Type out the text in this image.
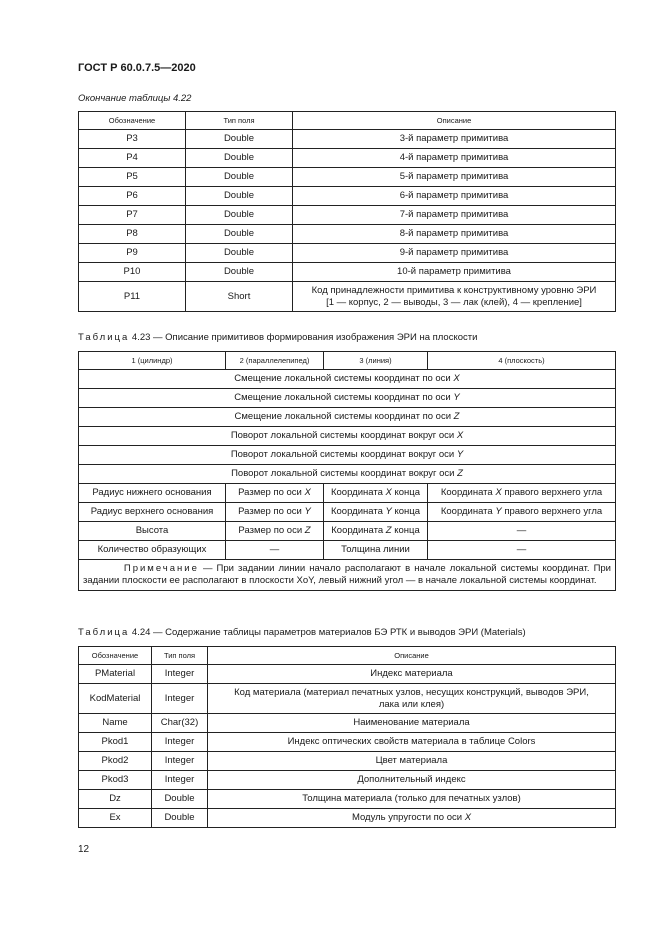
ГОСТ Р 60.0.7.5—2020
Окончание таблицы 4.22
Обозначение	Тип поля	Описание
P3	Double	3-й параметр примитива
P4	Double	4-й параметр примитива
P5	Double	5-й параметр примитива
P6	Double	6-й параметр примитива
P7	Double	7-й параметр примитива
P8	Double	8-й параметр примитива
P9	Double	9-й параметр примитива
P10	Double	10-й параметр примитива
P11	Short	Код принадлежности примитива к конструктивному уровню ЭРИ
[1 — корпус, 2 — выводы, 3 — лак (клей), 4 — крепление]
Таблица 4.23 — Описание примитивов формирования изображения ЭРИ на плоскости
1 (цилиндр)	2 (параллелепипед)	3 (линия)	4 (плоскость)
Смещение локальной системы координат по оси X			
Смещение локальной системы координат по оси Y			
Смещение локальной системы координат по оси Z			
Поворот локальной системы координат вокруг оси X			
Поворот локальной системы координат вокруг оси Y			
Поворот локальной системы координат вокруг оси Z			
Радиус нижнего основания	Размер по оси X	Координата X конца	Координата X правого верхнего угла
Радиус верхнего основания	Размер по оси Y	Координата Y конца	Координата Y правого верхнего угла
Высота	Размер по оси Z	Координата Z конца	—
Количество образующих	—	Толщина линии	—
Примечание — При задании линии начало располагают в начале локальной системы координат. При задании плоскости ее располагают в плоскости XoY, левый нижний угол — в начале локальной системы координат.			
Таблица 4.24 — Содержание таблицы параметров материалов БЭ РТК и выводов ЭРИ (Materials)
Обозначение	Тип поля	Описание
PMaterial	Integer	Индекс материала
KodMaterial	Integer	Код материала (материал печатных узлов, несущих конструкций, выводов ЭРИ,
лака или клея)
Name	Char(32)	Наименование материала
Pkod1	Integer	Индекс оптических свойств материала в таблице Colors
Pkod2	Integer	Цвет материала
Pkod3	Integer	Дополнительный индекс
Dz	Double	Толщина материала (только для печатных узлов)
Ex	Double	Модуль упругости по оси X
12
